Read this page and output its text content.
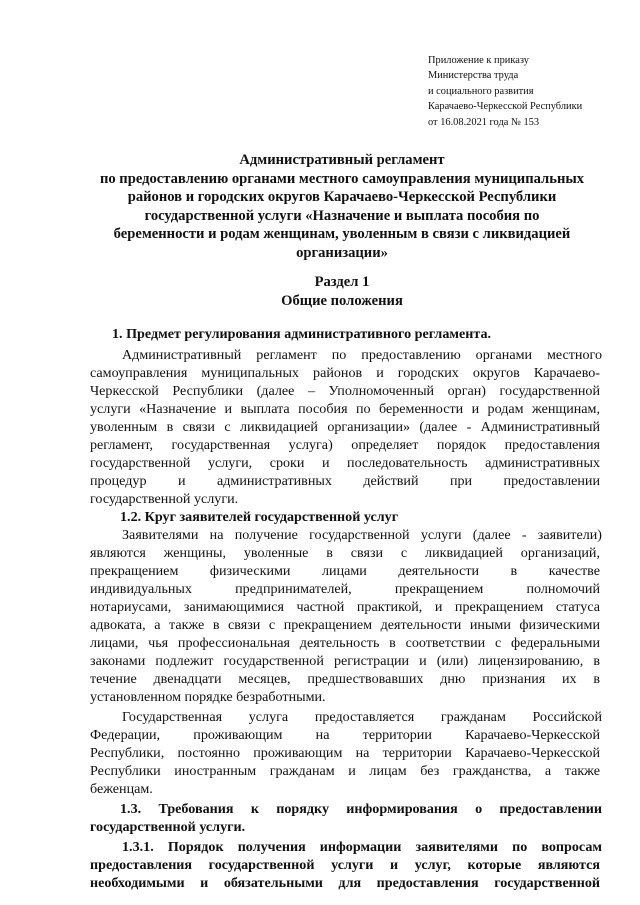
Приложение к приказу
Министерства труда
и социального развития
Карачаево-Черкесской Республики
от 16.08.2021 года № 153
Административный регламент
по предоставлению органами местного самоуправления муниципальных
районов и городских округов Карачаево-Черкесской Республики
государственной услуги «Назначение и выплата пособия по
беременности и родам женщинам, уволенным в связи с ликвидацией
организации»
Раздел 1
Общие положения
1. Предмет регулирования административного регламента.
Административный регламент по предоставлению органами местного
самоуправления муниципальных районов и городских округов Карачаево-
Черкесской Республики (далее – Уполномоченный орган) государственной
услуги «Назначение и выплата пособия по беременности и родам женщинам,
уволенным в связи с ликвидацией организации» (далее - Административный
регламент, государственная услуга) определяет порядок предоставления
государственной услуги, сроки и последовательность административных
процедур и административных действий при предоставлении
государственной услуги.
1.2. Круг заявителей государственной услуг
Заявителями на получение государственной услуги (далее - заявители)
являются женщины, уволенные в связи с ликвидацией организаций,
прекращением физическими лицами деятельности в качестве
индивидуальных предпринимателей, прекращением полномочий
нотариусами, занимающимися частной практикой, и прекращением статуса
адвоката, а также в связи с прекращением деятельности иными физическими
лицами, чья профессиональная деятельность в соответствии с федеральными
законами подлежит государственной регистрации и (или) лицензированию, в
течение двенадцати месяцев, предшествовавших дню признания их в
установленном порядке безработными.
Государственная услуга предоставляется гражданам Российской
Федерации, проживающим на территории Карачаево-Черкесской
Республики, постоянно проживающим на территории Карачаево-Черкесской
Республики иностранным гражданам и лицам без гражданства, а также
беженцам.
1.3. Требования к порядку информирования о предоставлении
государственной услуги.
1.3.1. Порядок получения информации заявителями по вопросам
предоставления государственной услуги и услуг, которые являются
необходимыми и обязательными для предоставления государственной
